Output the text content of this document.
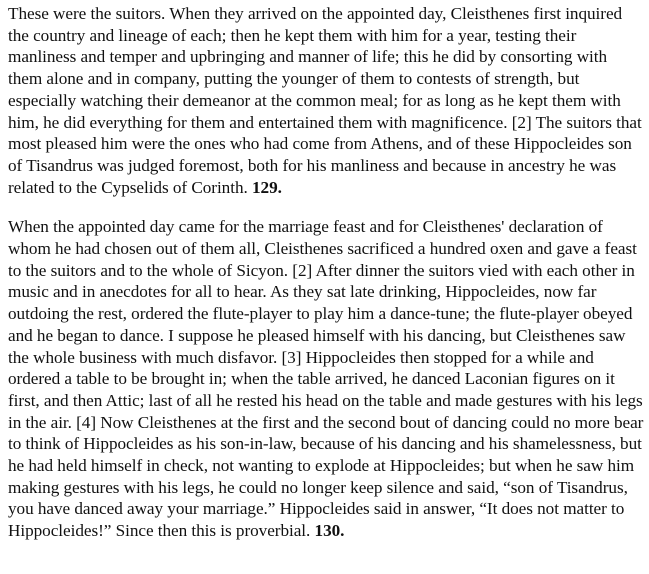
These were the suitors. When they arrived on the appointed day, Cleisthenes first inquired the country and lineage of each; then he kept them with him for a year, testing their manliness and temper and upbringing and manner of life; this he did by consorting with them alone and in company, putting the younger of them to contests of strength, but especially watching their demeanor at the common meal; for as long as he kept them with him, he did everything for them and entertained them with magnificence. [2] The suitors that most pleased him were the ones who had come from Athens, and of these Hippocleides son of Tisandrus was judged foremost, both for his manliness and because in ancestry he was related to the Cypselids of Corinth. 129.

When the appointed day came for the marriage feast and for Cleisthenes' declaration of whom he had chosen out of them all, Cleisthenes sacrificed a hundred oxen and gave a feast to the suitors and to the whole of Sicyon. [2] After dinner the suitors vied with each other in music and in anecdotes for all to hear. As they sat late drinking, Hippocleides, now far outdoing the rest, ordered the flute-player to play him a dance-tune; the flute-player obeyed and he began to dance. I suppose he pleased himself with his dancing, but Cleisthenes saw the whole business with much disfavor. [3] Hippocleides then stopped for a while and ordered a table to be brought in; when the table arrived, he danced Laconian figures on it first, and then Attic; last of all he rested his head on the table and made gestures with his legs in the air. [4] Now Cleisthenes at the first and the second bout of dancing could no more bear to think of Hippocleides as his son-in-law, because of his dancing and his shamelessness, but he had held himself in check, not wanting to explode at Hippocleides; but when he saw him making gestures with his legs, he could no longer keep silence and said, “son of Tisandrus, you have danced away your marriage.” Hippocleides said in answer, “It does not matter to Hippocleides!” Since then this is proverbial. 130.
